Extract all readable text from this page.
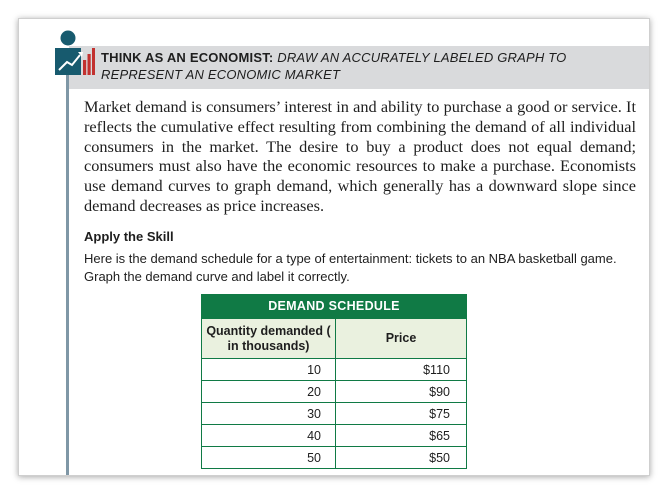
THINK AS AN ECONOMIST: DRAW AN ACCURATELY LABELED GRAPH TO REPRESENT AN ECONOMIC MARKET

Market demand is consumers’ interest in and ability to purchase a good or service. It reflects the cumulative effect resulting from combining the demand of all individual consumers in the market. The desire to buy a product does not equal demand; consumers must also have the economic resources to make a purchase. Economists use demand curves to graph demand, which generally has a downward slope since demand decreases as price increases.

Apply the Skill
Here is the demand schedule for a type of entertainment: tickets to an NBA basketball game. Graph the demand curve and label it correctly.
DEMAND SCHEDULE
Quantity demanded ( in thousands)	Price
10	$110
20	$90
30	$75
40	$65
50	$50
